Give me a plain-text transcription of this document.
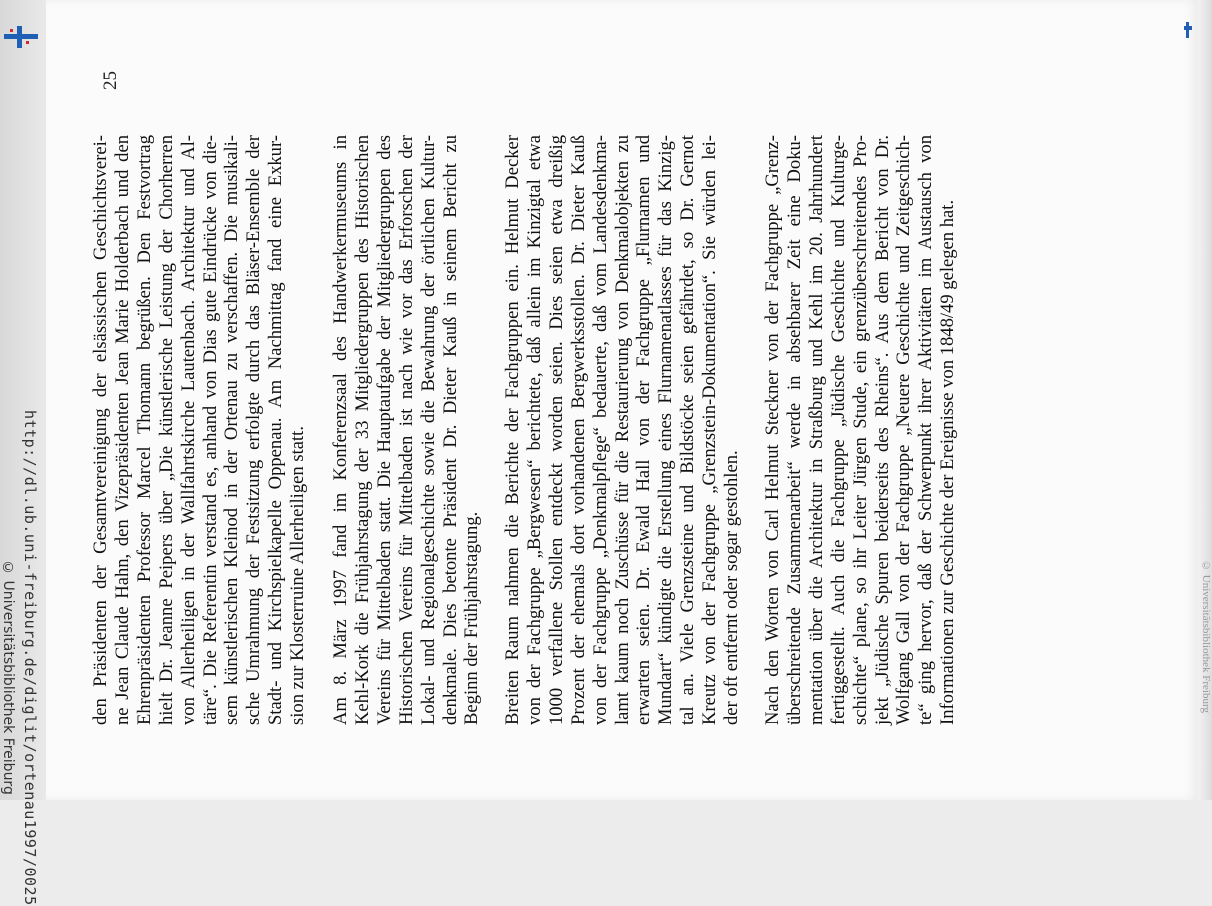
http://dl.ub.uni-freiburg.de/diglit/ortenau1997/0025
© Universitätsbibliothek Freiburg	© Universitätsbibliothek Freiburg
den Präsidenten der Gesamtvereinigung der elsässischen Geschichtsverei- ne Jean Claude Hahn, den Vizepräsidenten Jean Marie Holderbach und den Ehrenpräsidenten Professor Marcel Thomann begrüßen. Den Festvortrag hielt Dr. Jeanne Peipers über „Die künstlerische Leistung der Chorherren von Allerheiligen in der Wallfahrtskirche Lautenbach. Architektur und Al- täre“. Die Referentin verstand es, anhand von Dias gute Eindrücke von die- sem künstlerischen Kleinod in der Ortenau zu verschaffen. Die musikali- sche Umrahmung der Festsitzung erfolgte durch das Bläser-Ensemble der Stadt- und Kirchspielkapelle Oppenau. Am Nachmittag fand eine Exkur- sion zur Klosterruine Allerheiligen statt. Am 8. März 1997 fand im Konferenzsaal des Handwerkermuseums in Kehl-Kork die Frühjahrstagung der 33 Mitgliedergruppen des Historischen Vereins für Mittelbaden statt. Die Hauptaufgabe der Mitgliedergruppen des Historischen Vereins für Mittelbaden ist nach wie vor das Erforschen der Lokal- und Regionalgeschichte sowie die Bewahrung der örtlichen Kultur- denkmale. Dies betonte Präsident Dr. Dieter Kauß in seinem Bericht zu Beginn der Frühjahrstagung. Breiten Raum nahmen die Berichte der Fachgruppen ein. Helmut Decker von der Fachgruppe „Bergwesen“ berichtete, daß allein im Kinzigtal etwa 1000 verfallene Stollen entdeckt worden seien. Dies seien etwa dreißig Prozent der ehemals dort vorhandenen Bergwerksstollen. Dr. Dieter Kauß von der Fachgruppe „Denkmalpflege“ bedauerte, daß vom Landesdenkma- lamt kaum noch Zuschüsse für die Restaurierung von Denkmalobjekten zu erwarten seien. Dr. Ewald Hall von der Fachgruppe „Flurnamen und Mundart“ kündigte die Erstellung eines Flurnamenatlasses für das Kinzig- tal an. Viele Grenzsteine und Bildstöcke seien gefährdet, so Dr. Gernot Kreutz von der Fachgruppe „Grenzstein-Dokumentation“. Sie würden lei- der oft entfernt oder sogar gestohlen. Nach den Worten von Carl Helmut Steckner von der Fachgruppe „Grenz- überschreitende Zusammenarbeit“ werde in absehbarer Zeit eine Doku- mentation über die Architektur in Straßburg und Kehl im 20. Jahrhundert fertiggestellt. Auch die Fachgruppe „Jüdische Geschichte und Kulturge- schichte“ plane, so ihr Leiter Jürgen Stude, ein grenzüberschreitendes Pro- jekt „Jüdische Spuren beiderseits des Rheins“. Aus dem Bericht von Dr. Wolfgang Gall von der Fachgruppe „Neuere Geschichte und Zeitgeschich- te“ ging hervor, daß der Schwerpunkt ihrer Aktivitäten im Austausch von Informationen zur Geschichte der Ereignisse von 1848/49 gelegen hat.
25
